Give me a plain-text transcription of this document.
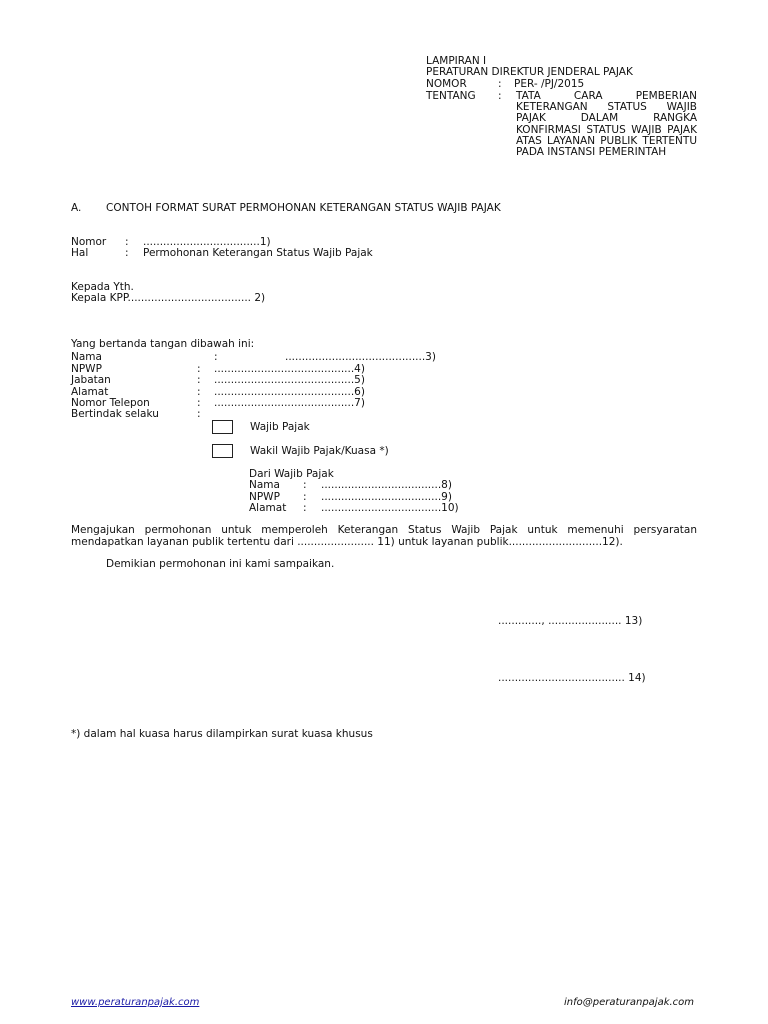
LAMPIRAN I
PERATURAN DIREKTUR JENDERAL PAJAK
NOMOR	: PER- /PJ/2015
TENTANG :	TATA CARA PEMBERIAN KETERANGAN STATUS WAJIB PAJAK DALAM RANGKA KONFIRMASI STATUS WAJIB PAJAK ATAS LAYANAN PUBLIK TERTENTU PADA INSTANSI PEMERINTAH
A. CONTOH FORMAT SURAT PERMOHONAN KETERANGAN STATUS WAJIB PAJAK
Nomor : ...................................1)
Hal	: Permohonan Keterangan Status Wajib Pajak
Kepada Yth.
Kepala KPP..................................... 2)
Yang bertanda tangan dibawah ini:
Nama	:	..........................................3)
NPWP	: ..........................................4)
Jabatan	: ..........................................5)
Alamat	: ..........................................6)
Nomor Telepon	: ..........................................7)
Bertindak selaku	:
Wajib Pajak
Wakil Wajib Pajak/Kuasa *)
Dari Wajib Pajak
Nama : ....................................8)
NPWP : ....................................9)
Alamat : ....................................10)
Mengajukan permohonan untuk memperoleh Keterangan Status Wajib Pajak untuk memenuhi persyaratan mendapatkan layanan publik tertentu dari ....................... 11) untuk layanan publik............................12).
Demikian permohonan ini kami sampaikan.
............., ...................... 13)
...................................... 14)
*) dalam hal kuasa harus dilampirkan surat kuasa khusus
www.peraturanpajak.com	info@peraturanpajak.com
